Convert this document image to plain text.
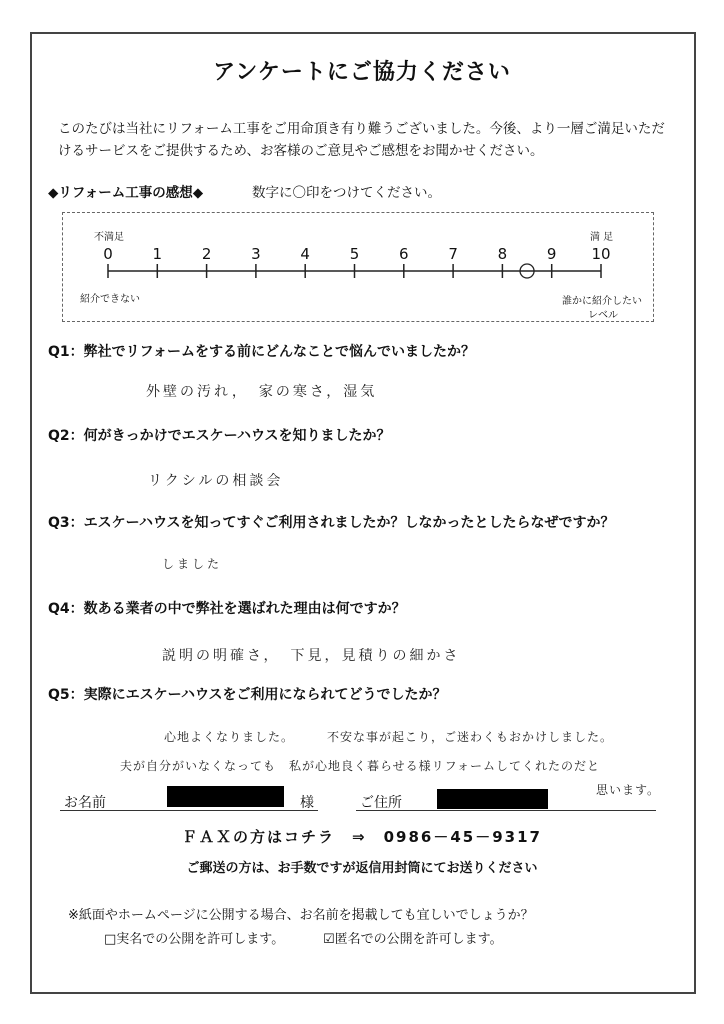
アンケートにご協力ください
このたびは当社にリフォーム工事をご用命頂き有り難うございました。今後、より一層ご満足いただけるサービスをご提供するため、お客様のご意見やご感想をお聞かせください。
◆リフォーム工事の感想◆	数字に〇印をつけてください。
不満足
紹介できない
満 足
誰かに紹介したい
レベル
0	1	2	3	4	5	6	7	8	9 10
Q1：弊社でリフォームをする前にどんなことで悩んでいましたか？
外壁の汚れ，　家の寒さ，湿気
Q2：何がきっかけでエスケーハウスを知りましたか？
リクシルの相談会
Q3：エスケーハウスを知ってすぐご利用されましたか？しなかったとしたらなぜですか？
しました
Q4：数ある業者の中で弊社を選ばれた理由は何ですか？
説明の明確さ，　下見，見積りの細かさ
Q5：実際にエスケーハウスをご利用になられてどうでしたか？
心地よくなりました。　　　不安な事が起こり，ご迷わくもおかけしました。
夫が自分がいなくなっても　私が心地良く暮らせる様リフォームしてくれたのだと
思います。
お名前	様	ご住所
ＦＡＸの方はコチラ　⇒　0986－45－9317
ご郵送の方は、お手数ですが返信用封筒にてお送りください
※紙面やホームページに公開する場合、お名前を掲載しても宜しいでしょうか？
□実名での公開を許可します。	☑匿名での公開を許可します。
